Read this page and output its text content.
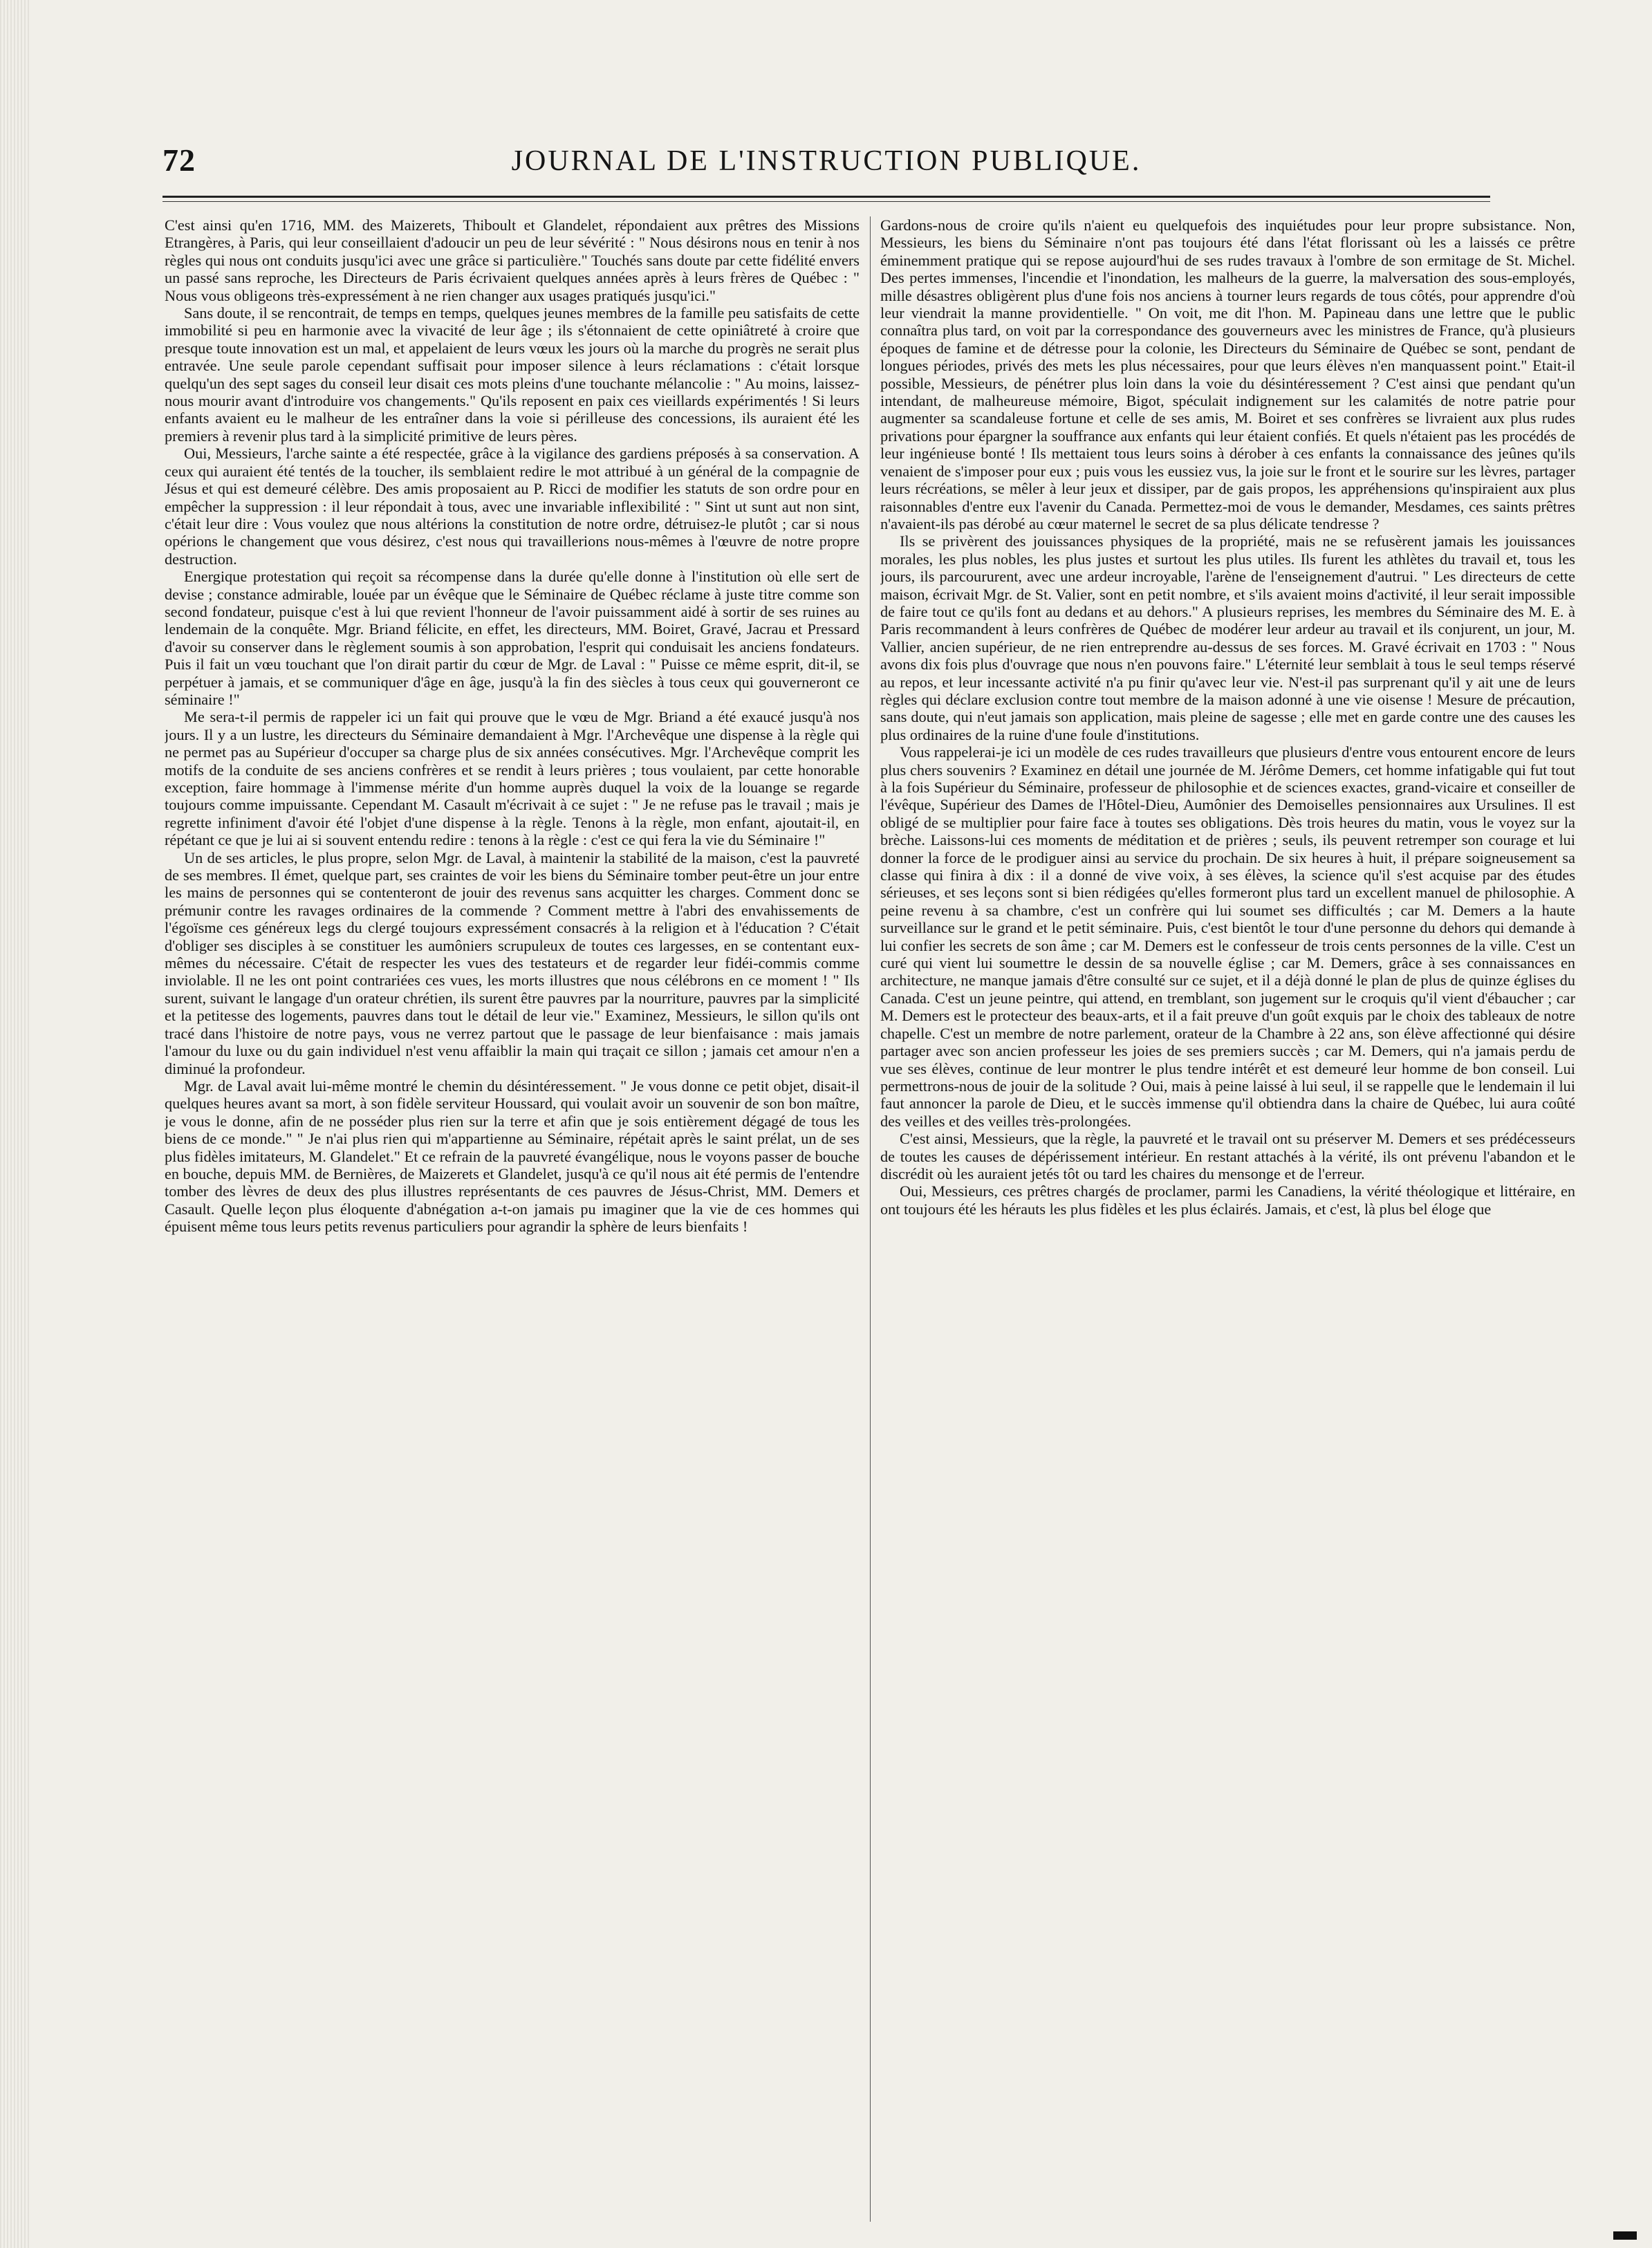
72	JOURNAL DE L'INSTRUCTION PUBLIQUE.

C'est ainsi qu'en 1716, MM. des Maizerets, Thiboult et Glandelet, répondaient aux prêtres des Missions Etrangères, à Paris, qui leur conseillaient d'adoucir un peu de leur sévérité : " Nous désirons nous en tenir à nos règles qui nous ont conduits jusqu'ici avec une grâce si particulière." Touchés sans doute par cette fidélité envers un passé sans reproche, les Directeurs de Paris écrivaient quelques années après à leurs frères de Québec : " Nous vous obligeons très-expressément à ne rien changer aux usages pratiqués jusqu'ici."

Sans doute, il se rencontrait, de temps en temps, quelques jeunes membres de la famille peu satisfaits de cette immobilité si peu en harmonie avec la vivacité de leur âge ; ils s'étonnaient de cette opiniâtreté à croire que presque toute innovation est un mal, et appelaient de leurs vœux les jours où la marche du progrès ne serait plus entravée. Une seule parole cependant suffisait pour imposer silence à leurs réclamations : c'était lorsque quelqu'un des sept sages du conseil leur disait ces mots pleins d'une touchante mélancolie : " Au moins, laissez-nous mourir avant d'introduire vos changements." Qu'ils reposent en paix ces vieillards expérimentés ! Si leurs enfants avaient eu le malheur de les entraîner dans la voie si périlleuse des concessions, ils auraient été les premiers à revenir plus tard à la simplicité primitive de leurs pères.

Oui, Messieurs, l'arche sainte a été respectée, grâce à la vigilance des gardiens préposés à sa conservation. A ceux qui auraient été tentés de la toucher, ils semblaient redire le mot attribué à un général de la compagnie de Jésus et qui est demeuré célèbre. Des amis proposaient au P. Ricci de modifier les statuts de son ordre pour en empêcher la suppression : il leur répondait à tous, avec une invariable inflexibilité : " Sint ut sunt aut non sint, c'était leur dire : Vous voulez que nous altérions la constitution de notre ordre, détruisez-le plutôt ; car si nous opérions le changement que vous désirez, c'est nous qui travaillerions nous-mêmes à l'œuvre de notre propre destruction.

Energique protestation qui reçoit sa récompense dans la durée qu'elle donne à l'institution où elle sert de devise ; constance admirable, louée par un évêque que le Séminaire de Québec réclame à juste titre comme son second fondateur, puisque c'est à lui que revient l'honneur de l'avoir puissamment aidé à sortir de ses ruines au lendemain de la conquête. Mgr. Briand félicite, en effet, les directeurs, MM. Boiret, Gravé, Jacrau et Pressard d'avoir su conserver dans le règlement soumis à son approbation, l'esprit qui conduisait les anciens fondateurs. Puis il fait un vœu touchant que l'on dirait partir du cœur de Mgr. de Laval : " Puisse ce même esprit, dit-il, se perpétuer à jamais, et se communiquer d'âge en âge, jusqu'à la fin des siècles à tous ceux qui gouverneront ce séminaire !"

Me sera-t-il permis de rappeler ici un fait qui prouve que le vœu de Mgr. Briand a été exaucé jusqu'à nos jours. Il y a un lustre, les directeurs du Séminaire demandaient à Mgr. l'Archevêque une dispense à la règle qui ne permet pas au Supérieur d'occuper sa charge plus de six années consécutives. Mgr. l'Archevêque comprit les motifs de la conduite de ses anciens confrères et se rendit à leurs prières ; tous voulaient, par cette honorable exception, faire hommage à l'immense mérite d'un homme auprès duquel la voix de la louange se regarde toujours comme impuissante. Cependant M. Casault m'écrivait à ce sujet : " Je ne refuse pas le travail ; mais je regrette infiniment d'avoir été l'objet d'une dispense à la règle. Tenons à la règle, mon enfant, ajoutait-il, en répétant ce que je lui ai si souvent entendu redire : tenons à la règle : c'est ce qui fera la vie du Séminaire !"

Un de ses articles, le plus propre, selon Mgr. de Laval, à maintenir la stabilité de la maison, c'est la pauvreté de ses membres. Il émet, quelque part, ses craintes de voir les biens du Séminaire tomber peut-être un jour entre les mains de personnes qui se contenteront de jouir des revenus sans acquitter les charges. Comment donc se prémunir contre les ravages ordinaires de la commende ? Comment mettre à l'abri des envahissements de l'égoïsme ces généreux legs du clergé toujours expressément consacrés à la religion et à l'éducation ? C'était d'obliger ses disciples à se constituer les aumôniers scrupuleux de toutes ces largesses, en se contentant eux-mêmes du nécessaire. C'était de respecter les vues des testateurs et de regarder leur fidéi-commis comme inviolable. Il ne les ont point contrariées ces vues, les morts illustres que nous célébrons en ce moment ! " Ils surent, suivant le langage d'un orateur chrétien, ils surent être pauvres par la nourriture, pauvres par la simplicité et la petitesse des logements, pauvres dans tout le détail de leur vie." Examinez, Messieurs, le sillon qu'ils ont tracé dans l'histoire de notre pays, vous ne verrez partout que le passage de leur bienfaisance : mais jamais l'amour du luxe ou du gain individuel n'est venu affaiblir la main qui traçait ce sillon ; jamais cet amour n'en a diminué la profondeur.

Mgr. de Laval avait lui-même montré le chemin du désintéressement. " Je vous donne ce petit objet, disait-il quelques heures avant sa mort, à son fidèle serviteur Houssard, qui voulait avoir un souvenir de son bon maître, je vous le donne, afin de ne posséder plus rien sur la terre et afin que je sois entièrement dégagé de tous les biens de ce monde." " Je n'ai plus rien qui m'appartienne au Séminaire, répétait après le saint prélat, un de ses plus fidèles imitateurs, M. Glandelet." Et ce refrain de la pauvreté évangélique, nous le voyons passer de bouche en bouche, depuis MM. de Bernières, de Maizerets et Glandelet, jusqu'à ce qu'il nous ait été permis de l'entendre tomber des lèvres de deux des plus illustres représentants de ces pauvres de Jésus-Christ, MM. Demers et Casault. Quelle leçon plus éloquente d'abnégation a-t-on jamais pu imaginer que la vie de ces hommes qui épuisent même tous leurs petits revenus particuliers pour agrandir la sphère de leurs bienfaits !

Gardons-nous de croire qu'ils n'aient eu quelquefois des inquiétudes pour leur propre subsistance. Non, Messieurs, les biens du Séminaire n'ont pas toujours été dans l'état florissant où les a laissés ce prêtre éminemment pratique qui se repose aujourd'hui de ses rudes travaux à l'ombre de son ermitage de St. Michel. Des pertes immenses, l'incendie et l'inondation, les malheurs de la guerre, la malversation des sous-employés, mille désastres obligèrent plus d'une fois nos anciens à tourner leurs regards de tous côtés, pour apprendre d'où leur viendrait la manne providentielle. " On voit, me dit l'hon. M. Papineau dans une lettre que le public connaîtra plus tard, on voit par la correspondance des gouverneurs avec les ministres de France, qu'à plusieurs époques de famine et de détresse pour la colonie, les Directeurs du Séminaire de Québec se sont, pendant de longues périodes, privés des mets les plus nécessaires, pour que leurs élèves n'en manquassent point." Etait-il possible, Messieurs, de pénétrer plus loin dans la voie du désintéressement ? C'est ainsi que pendant qu'un intendant, de malheureuse mémoire, Bigot, spéculait indignement sur les calamités de notre patrie pour augmenter sa scandaleuse fortune et celle de ses amis, M. Boiret et ses confrères se livraient aux plus rudes privations pour épargner la souffrance aux enfants qui leur étaient confiés. Et quels n'étaient pas les procédés de leur ingénieuse bonté ! Ils mettaient tous leurs soins à dérober à ces enfants la connaissance des jeûnes qu'ils venaient de s'imposer pour eux ; puis vous les eussiez vus, la joie sur le front et le sourire sur les lèvres, partager leurs récréations, se mêler à leur jeux et dissiper, par de gais propos, les appréhensions qu'inspiraient aux plus raisonnables d'entre eux l'avenir du Canada. Permettez-moi de vous le demander, Mesdames, ces saints prêtres n'avaient-ils pas dérobé au cœur maternel le secret de sa plus délicate tendresse ?

Ils se privèrent des jouissances physiques de la propriété, mais ne se refusèrent jamais les jouissances morales, les plus nobles, les plus justes et surtout les plus utiles. Ils furent les athlètes du travail et, tous les jours, ils parcoururent, avec une ardeur incroyable, l'arène de l'enseignement d'autrui. " Les directeurs de cette maison, écrivait Mgr. de St. Valier, sont en petit nombre, et s'ils avaient moins d'activité, il leur serait impossible de faire tout ce qu'ils font au dedans et au dehors." A plusieurs reprises, les membres du Séminaire des M. E. à Paris recommandent à leurs confrères de Québec de modérer leur ardeur au travail et ils conjurent, un jour, M. Vallier, ancien supérieur, de ne rien entreprendre au-dessus de ses forces. M. Gravé écrivait en 1703 : " Nous avons dix fois plus d'ouvrage que nous n'en pouvons faire." L'éternité leur semblait à tous le seul temps réservé au repos, et leur incessante activité n'a pu finir qu'avec leur vie. N'est-il pas surprenant qu'il y ait une de leurs règles qui déclare exclusion contre tout membre de la maison adonné à une vie oisense ! Mesure de précaution, sans doute, qui n'eut jamais son application, mais pleine de sagesse ; elle met en garde contre une des causes les plus ordinaires de la ruine d'une foule d'institutions.

Vous rappelerai-je ici un modèle de ces rudes travailleurs que plusieurs d'entre vous entourent encore de leurs plus chers souvenirs ? Examinez en détail une journée de M. Jérôme Demers, cet homme infatigable qui fut tout à la fois Supérieur du Séminaire, professeur de philosophie et de sciences exactes, grand-vicaire et conseiller de l'évêque, Supérieur des Dames de l'Hôtel-Dieu, Aumônier des Demoiselles pensionnaires aux Ursulines. Il est obligé de se multiplier pour faire face à toutes ses obligations. Dès trois heures du matin, vous le voyez sur la brèche. Laissons-lui ces moments de méditation et de prières ; seuls, ils peuvent retremper son courage et lui donner la force de le prodiguer ainsi au service du prochain. De six heures à huit, il prépare soigneusement sa classe qui finira à dix : il a donné de vive voix, à ses élèves, la science qu'il s'est acquise par des études sérieuses, et ses leçons sont si bien rédigées qu'elles formeront plus tard un excellent manuel de philosophie. A peine revenu à sa chambre, c'est un confrère qui lui soumet ses difficultés ; car M. Demers a la haute surveillance sur le grand et le petit séminaire. Puis, c'est bientôt le tour d'une personne du dehors qui demande à lui confier les secrets de son âme ; car M. Demers est le confesseur de trois cents personnes de la ville. C'est un curé qui vient lui soumettre le dessin de sa nouvelle église ; car M. Demers, grâce à ses connaissances en architecture, ne manque jamais d'être consulté sur ce sujet, et il a déjà donné le plan de plus de quinze églises du Canada. C'est un jeune peintre, qui attend, en tremblant, son jugement sur le croquis qu'il vient d'ébaucher ; car M. Demers est le protecteur des beaux-arts, et il a fait preuve d'un goût exquis par le choix des tableaux de notre chapelle. C'est un membre de notre parlement, orateur de la Chambre à 22 ans, son élève affectionné qui désire partager avec son ancien professeur les joies de ses premiers succès ; car M. Demers, qui n'a jamais perdu de vue ses élèves, continue de leur montrer le plus tendre intérêt et est demeuré leur homme de bon conseil. Lui permettrons-nous de jouir de la solitude ? Oui, mais à peine laissé à lui seul, il se rappelle que le lendemain il lui faut annoncer la parole de Dieu, et le succès immense qu'il obtiendra dans la chaire de Québec, lui aura coûté des veilles et des veilles très-prolongées.

C'est ainsi, Messieurs, que la règle, la pauvreté et le travail ont su préserver M. Demers et ses prédécesseurs de toutes les causes de dépérissement intérieur. En restant attachés à la vérité, ils ont prévenu l'abandon et le discrédit où les auraient jetés tôt ou tard les chaires du mensonge et de l'erreur.

Oui, Messieurs, ces prêtres chargés de proclamer, parmi les Canadiens, la vérité théologique et littéraire, en ont toujours été les hérauts les plus fidèles et les plus éclairés. Jamais, et c'est, là plus bel éloge que
